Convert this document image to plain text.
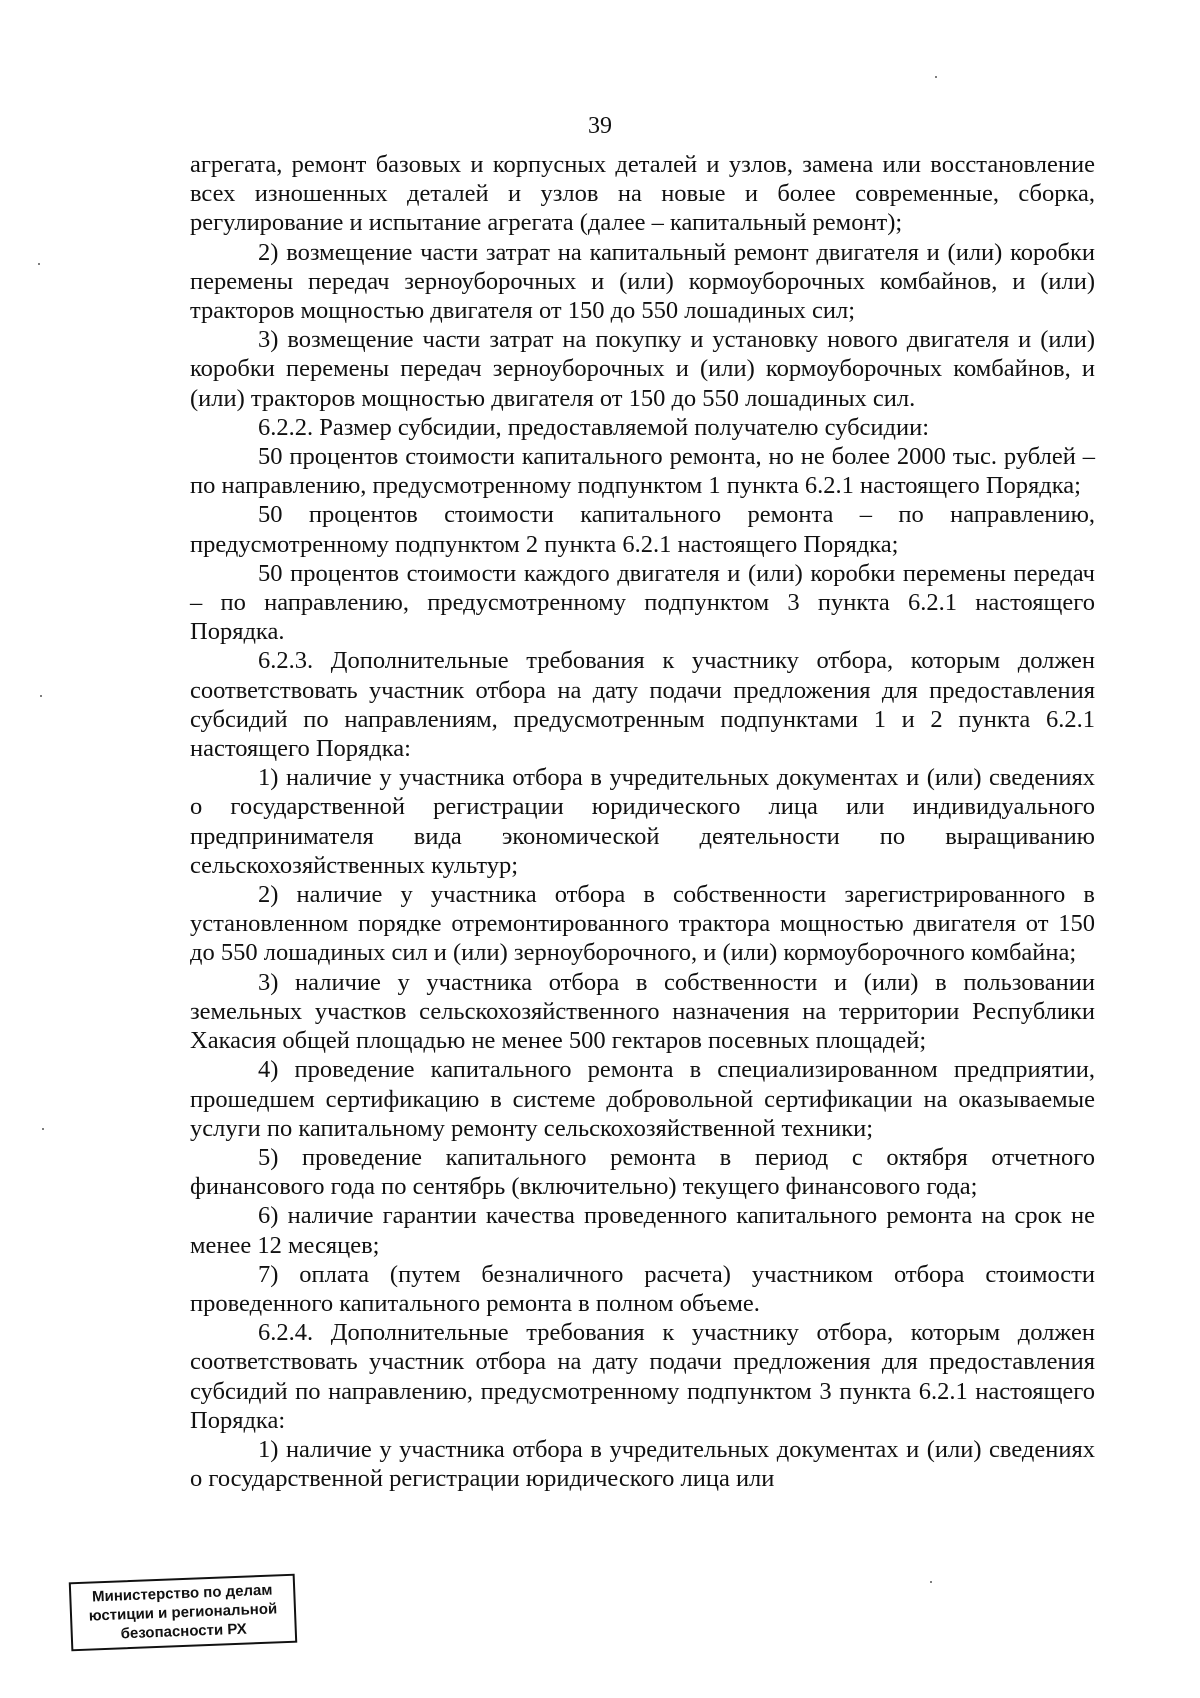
39

агрегата, ремонт базовых и корпусных деталей и узлов, замена или восстановление всех изношенных деталей и узлов на новые и более современные, сборка, регулирование и испытание агрегата (далее – капитальный ремонт);

2) возмещение части затрат на капитальный ремонт двигателя и (или) коробки перемены передач зерноуборочных и (или) кормоуборочных комбайнов, и (или) тракторов мощностью двигателя от 150 до 550 лошадиных сил;

3) возмещение части затрат на покупку и установку нового двигателя и (или) коробки перемены передач зерноуборочных и (или) кормоуборочных комбайнов, и (или) тракторов мощностью двигателя от 150 до 550 лошадиных сил.

6.2.2. Размер субсидии, предоставляемой получателю субсидии:

50 процентов стоимости капитального ремонта, но не более 2000 тыс. рублей – по направлению, предусмотренному подпунктом 1 пункта 6.2.1 настоящего Порядка;

50 процентов стоимости капитального ремонта – по направлению, предусмотренному подпунктом 2 пункта 6.2.1 настоящего Порядка;

50 процентов стоимости каждого двигателя и (или) коробки перемены передач – по направлению, предусмотренному подпунктом 3 пункта 6.2.1 настоящего Порядка.

6.2.3. Дополнительные требования к участнику отбора, которым должен соответствовать участник отбора на дату подачи предложения для предоставления субсидий по направлениям, предусмотренным подпунктами 1 и 2 пункта 6.2.1 настоящего Порядка:

1) наличие у участника отбора в учредительных документах и (или) сведениях о государственной регистрации юридического лица или индивидуального предпринимателя вида экономической деятельности по выращиванию сельскохозяйственных культур;

2) наличие у участника отбора в собственности зарегистрированного в установленном порядке отремонтированного трактора мощностью двигателя от 150 до 550 лошадиных сил и (или) зерноуборочного, и (или) кормоуборочного комбайна;

3) наличие у участника отбора в собственности и (или) в пользовании земельных участков сельскохозяйственного назначения на территории Республики Хакасия общей площадью не менее 500 гектаров посевных площадей;

4) проведение капитального ремонта в специализированном предприятии, прошедшем сертификацию в системе добровольной сертификации на оказываемые услуги по капитальному ремонту сельскохозяйственной техники;

5) проведение капитального ремонта в период с октября отчетного финансового года по сентябрь (включительно) текущего финансового года;

6) наличие гарантии качества проведенного капитального ремонта на срок не менее 12 месяцев;

7) оплата (путем безналичного расчета) участником отбора стоимости проведенного капитального ремонта в полном объеме.

6.2.4. Дополнительные требования к участнику отбора, которым должен соответствовать участник отбора на дату подачи предложения для предоставления субсидий по направлению, предусмотренному подпунктом 3 пункта 6.2.1 настоящего Порядка:

1) наличие у участника отбора в учредительных документах и (или) сведениях о государственной регистрации юридического лица или

Министерство по делам
юстиции и региональной
безопасности РХ
